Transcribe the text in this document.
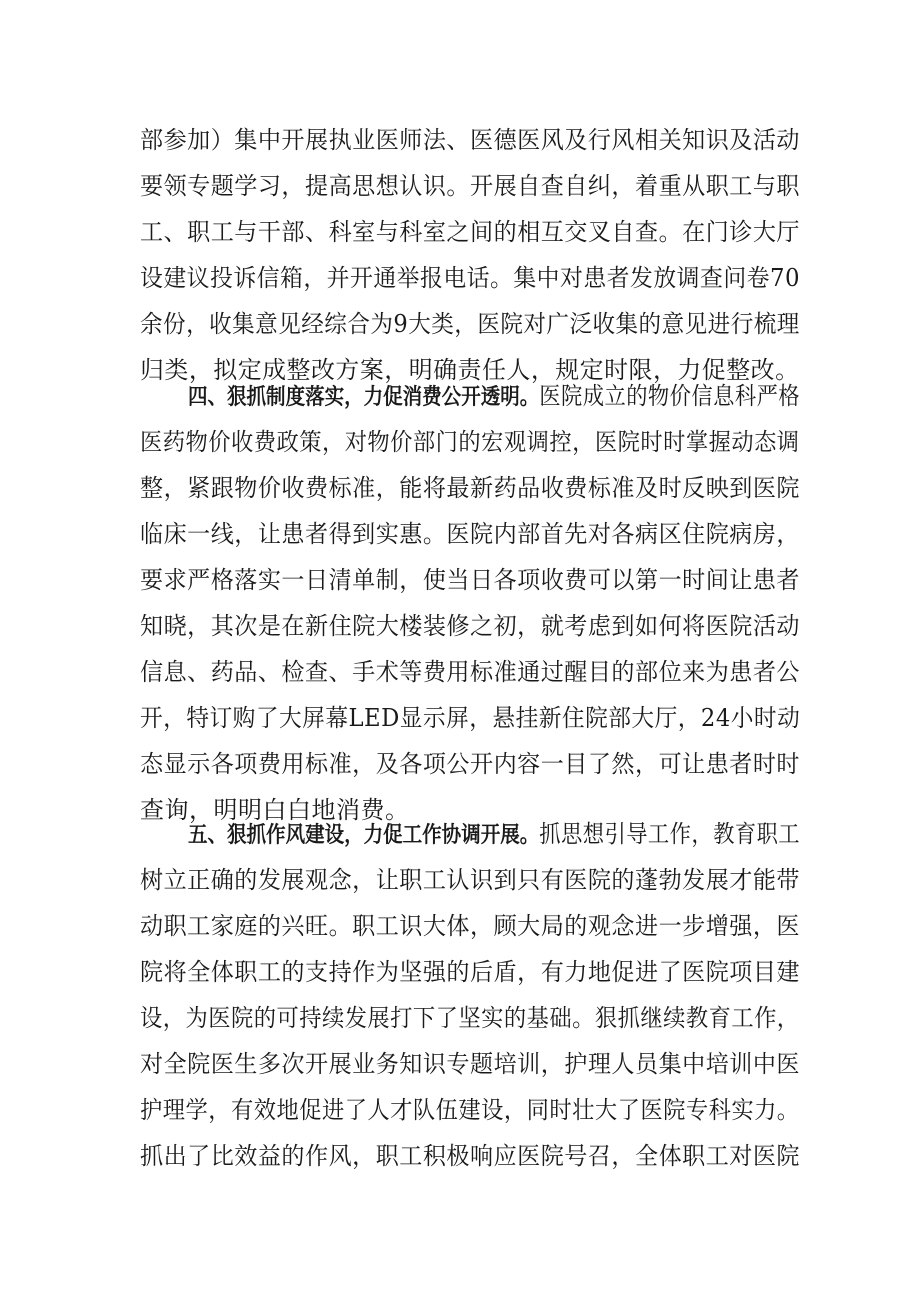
部参加）集中开展执业医师法、医德医风及行风相关知识及活动
要领专题学习，提高思想认识。开展自查自纠，着重从职工与职
工、职工与干部、科室与科室之间的相互交叉自查。在门诊大厅
设建议投诉信箱，并开通举报电话。集中对患者发放调查问卷70
余份，收集意见经综合为9大类，医院对广泛收集的意见进行梳理
归类，拟定成整改方案，明确责任人，规定时限，力促整改。
四、狠抓制度落实，力促消费公开透明。医院成立的物价信息科严格
医药物价收费政策，对物价部门的宏观调控，医院时时掌握动态调
整，紧跟物价收费标准，能将最新药品收费标准及时反映到医院
临床一线，让患者得到实惠。医院内部首先对各病区住院病房，
要求严格落实一日清单制，使当日各项收费可以第一时间让患者
知晓，其次是在新住院大楼装修之初，就考虑到如何将医院活动
信息、药品、检查、手术等费用标准通过醒目的部位来为患者公
开，特订购了大屏幕LED显示屏，悬挂新住院部大厅，24小时动
态显示各项费用标准，及各项公开内容一目了然，可让患者时时
查询，明明白白地消费。
五、狠抓作风建设，力促工作协调开展。抓思想引导工作，教育职工
树立正确的发展观念，让职工认识到只有医院的蓬勃发展才能带
动职工家庭的兴旺。职工识大体，顾大局的观念进一步增强，医
院将全体职工的支持作为坚强的后盾，有力地促进了医院项目建
设，为医院的可持续发展打下了坚实的基础。狠抓继续教育工作，
对全院医生多次开展业务知识专题培训，护理人员集中培训中医
护理学，有效地促进了人才队伍建设，同时壮大了医院专科实力。
抓出了比效益的作风，职工积极响应医院号召，全体职工对医院
